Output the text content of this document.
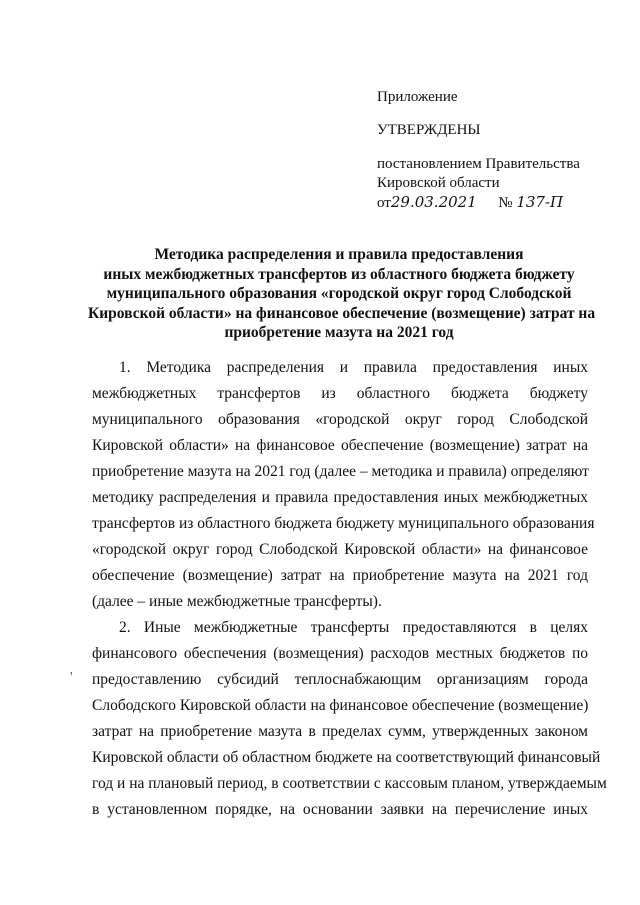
Приложение
УТВЕРЖДЕНЫ
постановлением Правительства
Кировской области
от29.03.2021 № 137-П
Методика распределения и правила предоставления
иных межбюджетных трансфертов из областного бюджета бюджету
муниципального образования «городской округ город Слободской
Кировской области» на финансовое обеспечение (возмещение) затрат на
приобретение мазута на 2021 год
1. Методика распределения и правила предоставления иных
межбюджетных трансфертов из областного бюджета бюджету
муниципального образования «городской округ город Слободской
Кировской области» на финансовое обеспечение (возмещение) затрат на
приобретение мазута на 2021 год (далее – методика и правила) определяют
методику распределения и правила предоставления иных межбюджетных
трансфертов из областного бюджета бюджету муниципального образования
«городской округ город Слободской Кировской области» на финансовое
обеспечение (возмещение) затрат на приобретение мазута на 2021 год
(далее – иные межбюджетные трансферты).
2. Иные межбюджетные трансферты предоставляются в целях
финансового обеспечения (возмещения) расходов местных бюджетов по
предоставлению субсидий теплоснабжающим организациям города
Слободского Кировской области на финансовое обеспечение (возмещение)
затрат на приобретение мазута в пределах сумм, утвержденных законом
Кировской области об областном бюджете на соответствующий финансовый
год и на плановый период, в соответствии с кассовым планом, утверждаемым
в установленном порядке, на основании заявки на перечисление иных
'
